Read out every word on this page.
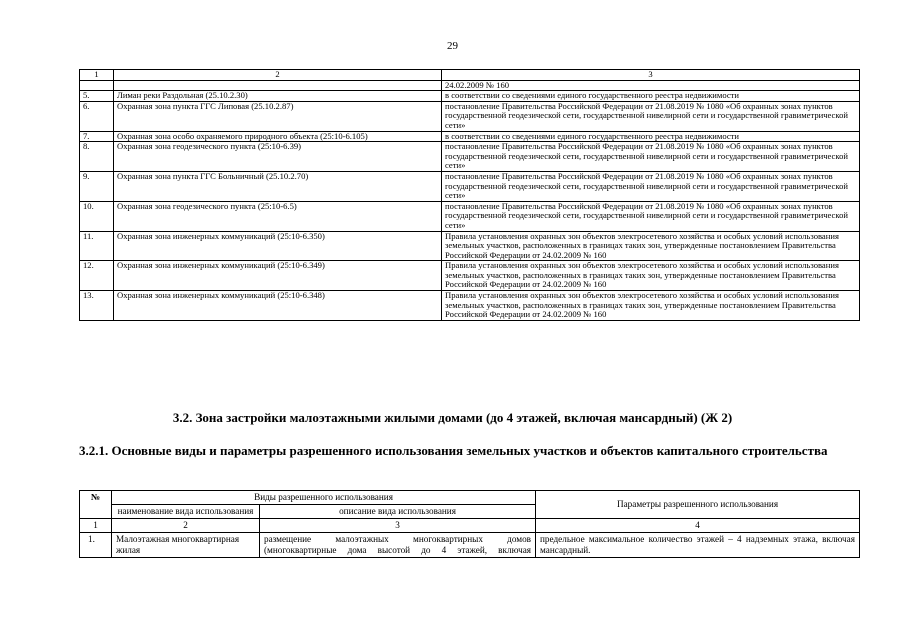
29
1	2	3
		24.02.2009 № 160
5.	Лиман реки Раздольная (25.10.2.30)	в соответствии со сведениями единого государственного реестра недвижимости
6.	Охранная зона пункта ГГС Липовая (25.10.2.87)	постановление Правительства Российской Федерации от 21.08.2019 № 1080 «Об охранных зонах пунктов государственной геодезической сети, государственной нивелирной сети и государственной гравиметрической сети»
7.	Охранная зона особо охраняемого природного объекта (25:10-6.105)	в соответствии со сведениями единого государственного реестра недвижимости
8.	Охранная зона геодезического пункта (25:10-6.39)	постановление Правительства Российской Федерации от 21.08.2019 № 1080 «Об охранных зонах пунктов государственной геодезической сети, государственной нивелирной сети и государственной гравиметрической сети»
9.	Охранная зона пункта ГГС Больничный (25.10.2.70)	постановление Правительства Российской Федерации от 21.08.2019 № 1080 «Об охранных зонах пунктов государственной геодезической сети, государственной нивелирной сети и государственной гравиметрической сети»
10.	Охранная зона геодезического пункта (25:10-6.5)	постановление Правительства Российской Федерации от 21.08.2019 № 1080 «Об охранных зонах пунктов государственной геодезической сети, государственной нивелирной сети и государственной гравиметрической сети»
11.	Охранная зона инженерных коммуникаций (25:10-6.350)	Правила установления охранных зон объектов электросетевого хозяйства и особых условий использования земельных участков, расположенных в границах таких зон, утвержденные постановлением Правительства Российской Федерации от 24.02.2009 № 160
12.	Охранная зона инженерных коммуникаций (25:10-6.349)	Правила установления охранных зон объектов электросетевого хозяйства и особых условий использования земельных участков, расположенных в границах таких зон, утвержденные постановлением Правительства Российской Федерации от 24.02.2009 № 160
13.	Охранная зона инженерных коммуникаций (25:10-6.348)	Правила установления охранных зон объектов электросетевого хозяйства и особых условий использования земельных участков, расположенных в границах таких зон, утвержденные постановлением Правительства Российской Федерации от 24.02.2009 № 160
3.2. Зона застройки малоэтажными жилыми домами (до 4 этажей, включая мансардный) (Ж 2)
3.2.1. Основные виды и параметры разрешенного использования земельных участков и объектов капитального строительства
№	Виды разрешенного использования		Параметры разрешенного использования
	наименование вида использования	описание вида использования	
1	2	3	4
1.	Малоэтажная многоквартирная жилая	размещение малоэтажных многоквартирных домов (многоквартирные дома высотой до 4 этажей, включая	предельное максимальное количество этажей – 4 надземных этажа, включая мансардный.
